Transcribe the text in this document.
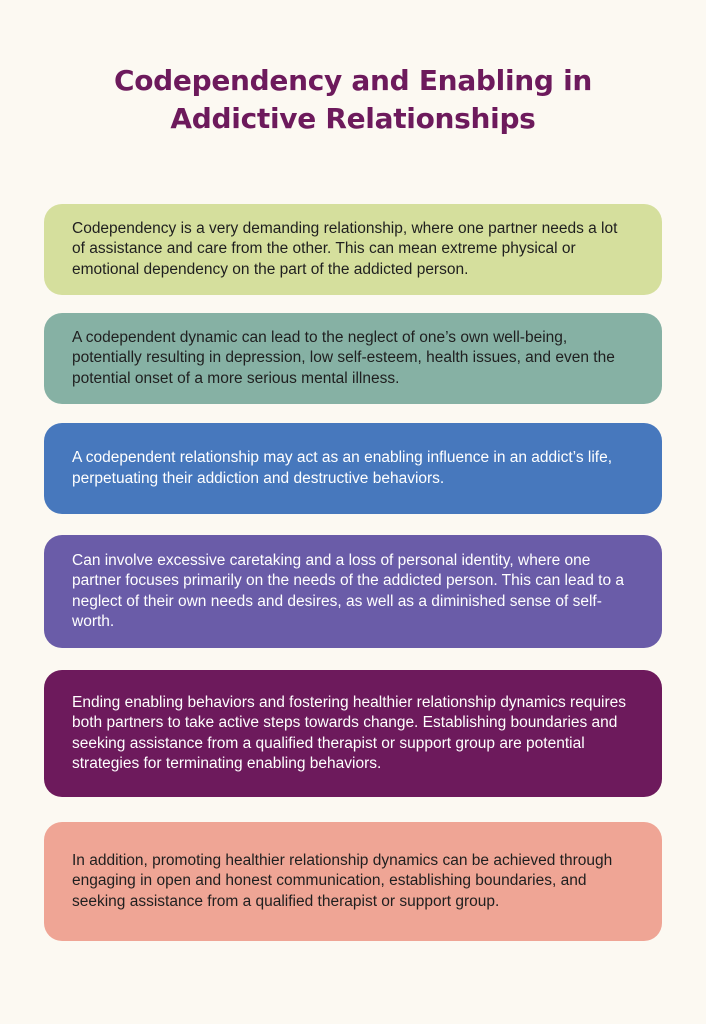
Codependency and Enabling in Addictive Relationships

Codependency is a very demanding relationship, where one partner needs a lot of assistance and care from the other. This can mean extreme physical or emotional dependency on the part of the addicted person.

A codependent dynamic can lead to the neglect of one’s own well-being, potentially resulting in depression, low self-esteem, health issues, and even the potential onset of a more serious mental illness.

A codependent relationship may act as an enabling influence in an addict’s life, perpetuating their addiction and destructive behaviors.

Can involve excessive caretaking and a loss of personal identity, where one partner focuses primarily on the needs of the addicted person. This can lead to a neglect of their own needs and desires, as well as a diminished sense of self-worth.

Ending enabling behaviors and fostering healthier relationship dynamics requires both partners to take active steps towards change. Establishing boundaries and seeking assistance from a qualified therapist or support group are potential strategies for terminating enabling behaviors.

In addition, promoting healthier relationship dynamics can be achieved through engaging in open and honest communication, establishing boundaries, and seeking assistance from a qualified therapist or support group.
